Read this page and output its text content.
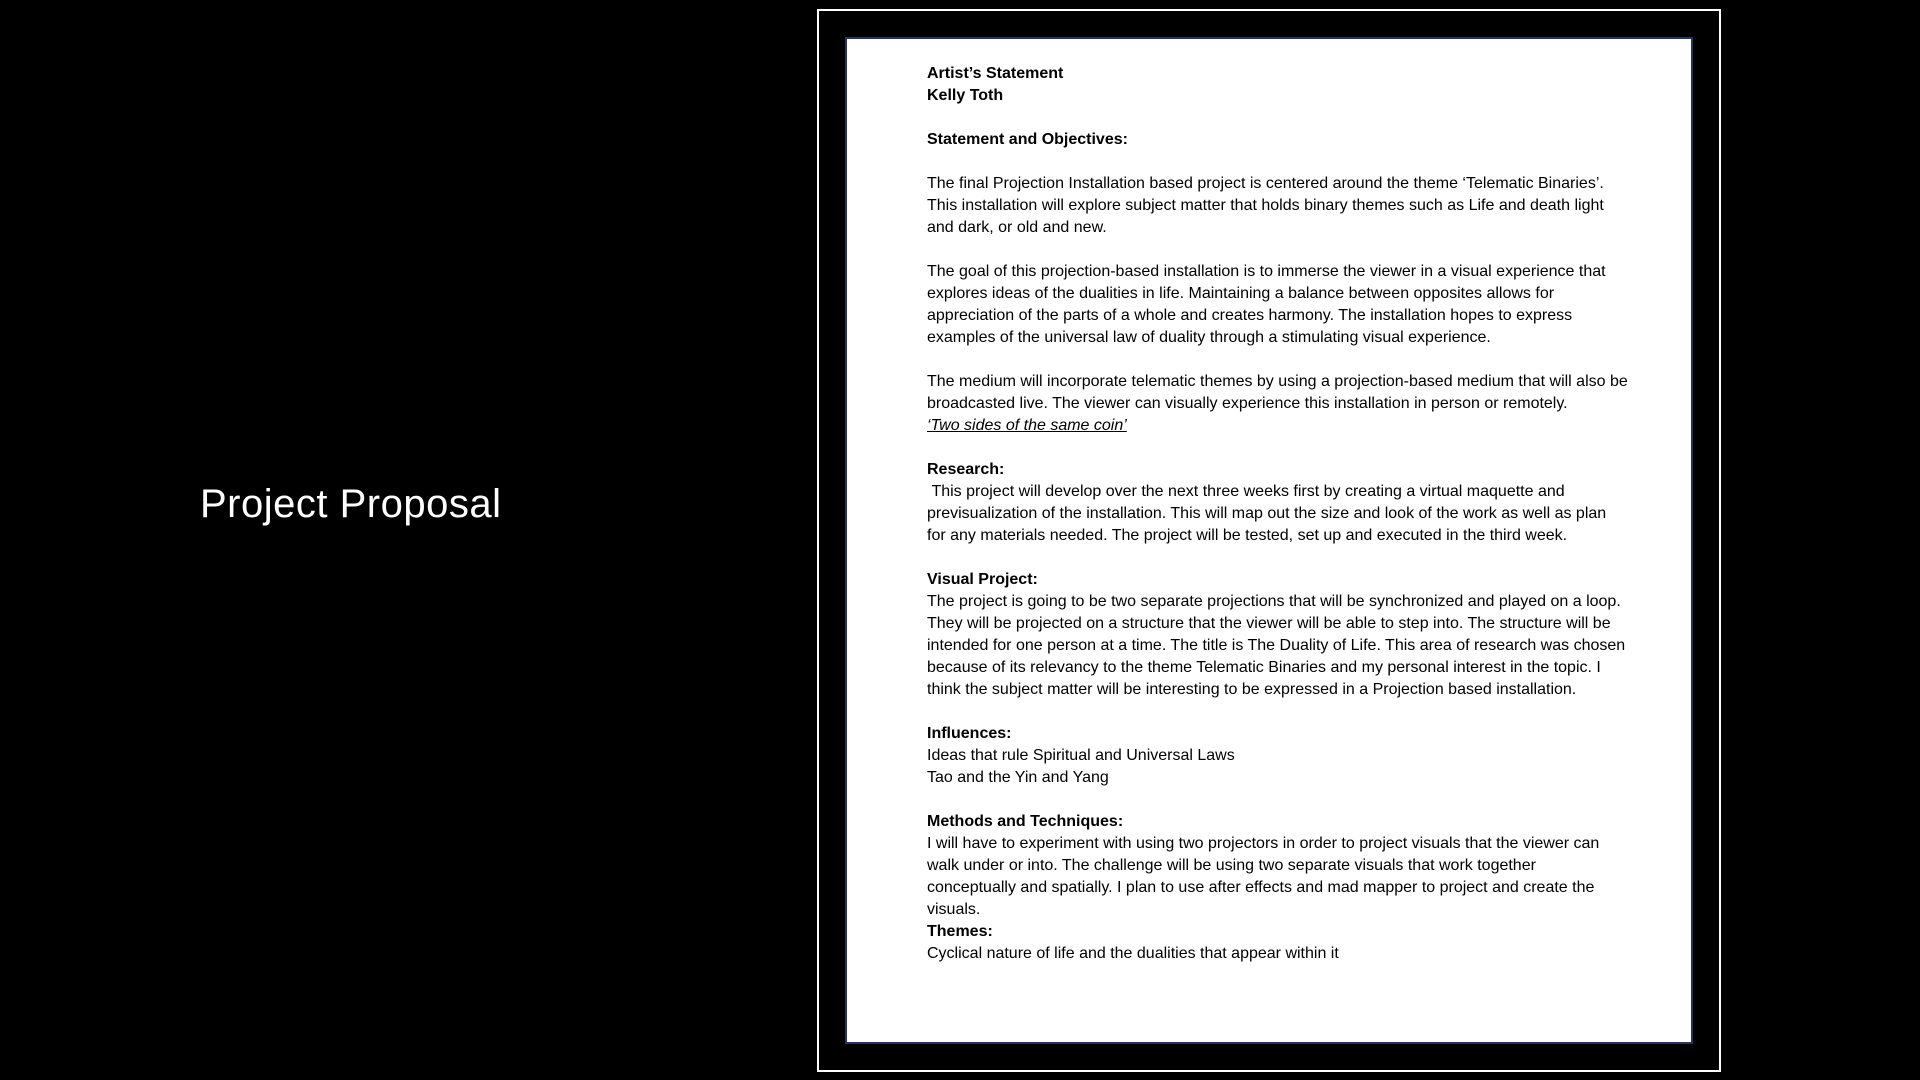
Project Proposal

Artist’s Statement

Kelly Toth

Statement and Objectives:

The final Projection Installation based project is centered around the theme ‘Telematic Binaries’. This installation will explore subject matter that holds binary themes such as Life and death light and dark, or old and new.

The goal of this projection-based installation is to immerse the viewer in a visual experience that explores ideas of the dualities in life. Maintaining a balance between opposites allows for appreciation of the parts of a whole and creates harmony. The installation hopes to express examples of the universal law of duality through a stimulating visual experience.

The medium will incorporate telematic themes by using a projection-based medium that will also be broadcasted live. The viewer can visually experience this installation in person or remotely.

‘Two sides of the same coin’

Research:

This project will develop over the next three weeks first by creating a virtual maquette and previsualization of the installation. This will map out the size and look of the work as well as plan for any materials needed. The project will be tested, set up and executed in the third week.

Visual Project:

The project is going to be two separate projections that will be synchronized and played on a loop. They will be projected on a structure that the viewer will be able to step into. The structure will be intended for one person at a time. The title is The Duality of Life. This area of research was chosen because of its relevancy to the theme Telematic Binaries and my personal interest in the topic. I think the subject matter will be interesting to be expressed in a Projection based installation.

Influences:

Ideas that rule Spiritual and Universal Laws

Tao and the Yin and Yang

Methods and Techniques:

I will have to experiment with using two projectors in order to project visuals that the viewer can walk under or into. The challenge will be using two separate visuals that work together conceptually and spatially. I plan to use after effects and mad mapper to project and create the visuals.

Themes:

Cyclical nature of life and the dualities that appear within it
